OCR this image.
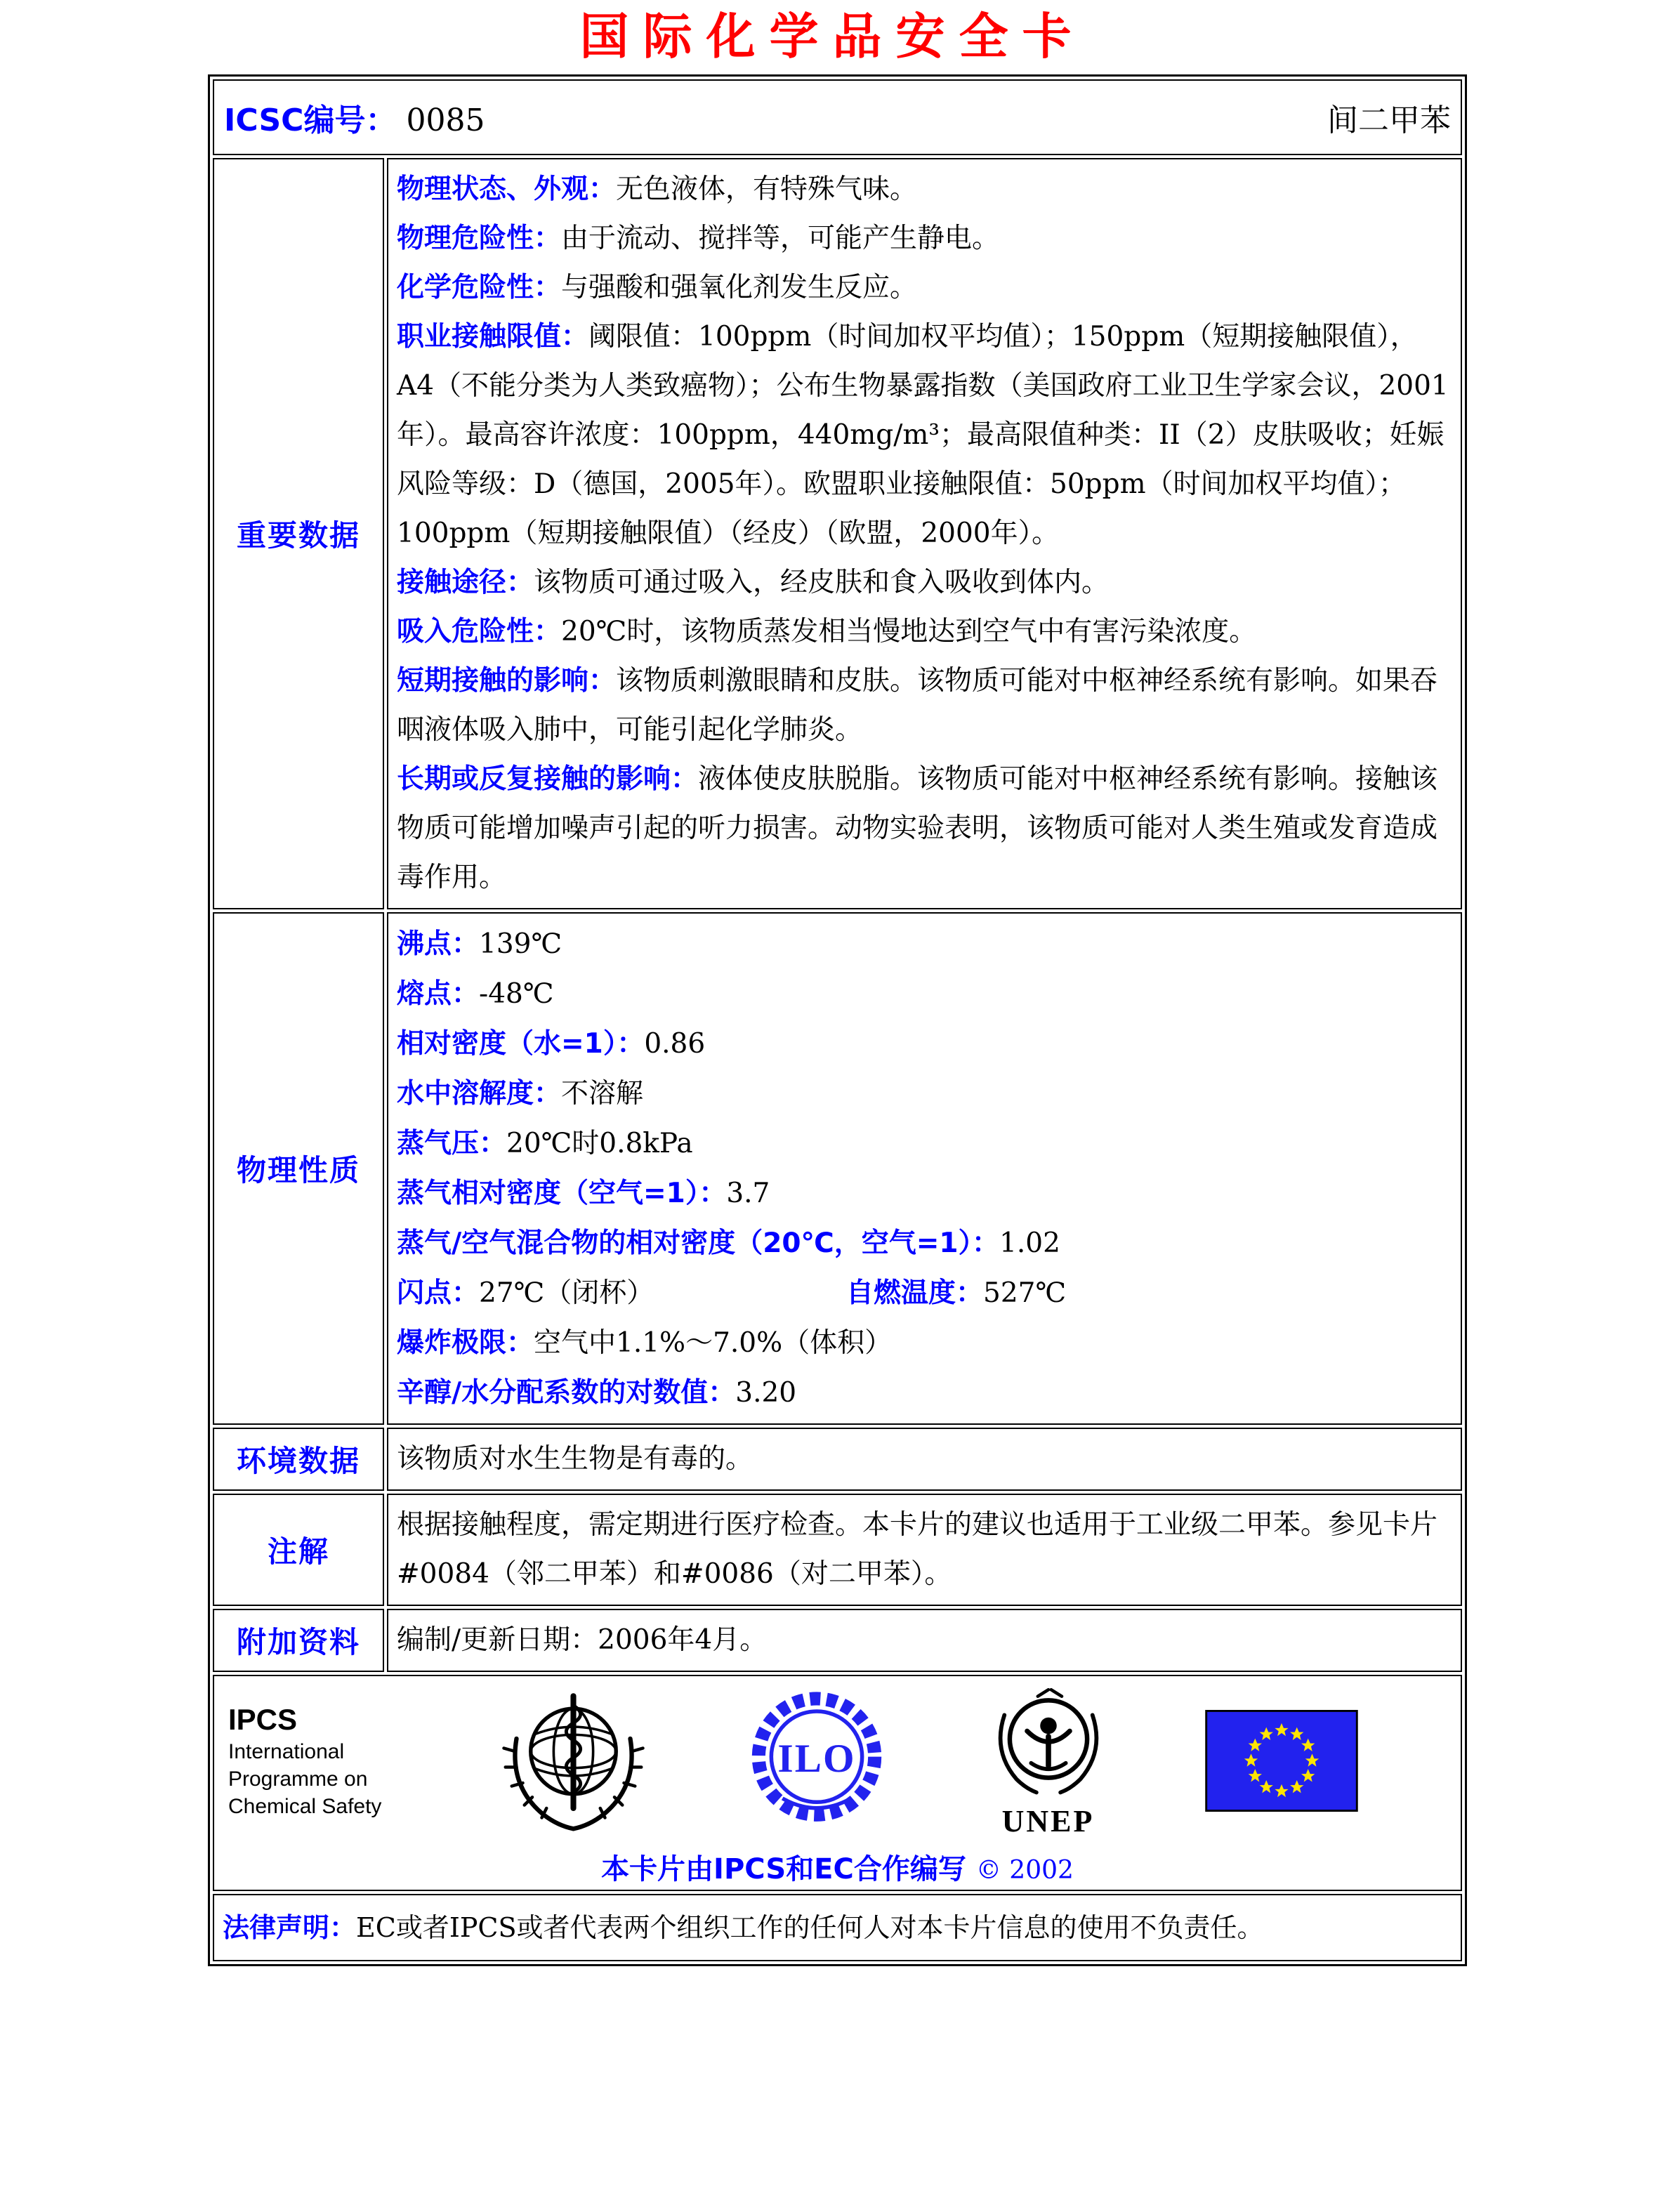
国际化学品安全卡
ICSC编号： 0085 间二甲苯	

重要数据	

物理状态、外观：无色液体，有特殊气味。

物理危险性：由于流动、搅拌等，可能产生静电。

化学危险性：与强酸和强氧化剂发生反应。

职业接触限值：阈限值：100ppm（时间加权平均值）；150ppm（短期接触限值），A4（不能分类为人类致癌物）；公布生物暴露指数（美国政府工业卫生学家会议，2001年）。最高容许浓度：100ppm，440mg/m³；最高限值种类：II（2）皮肤吸收；妊娠风险等级：D（德国，2005年）。欧盟职业接触限值：50ppm（时间加权平均值）；100ppm（短期接触限值）（经皮）（欧盟，2000年）。

接触途径：该物质可通过吸入，经皮肤和食入吸收到体内。

吸入危险性：20℃时，该物质蒸发相当慢地达到空气中有害污染浓度。

短期接触的影响：该物质刺激眼睛和皮肤。该物质可能对中枢神经系统有影响。如果吞咽液体吸入肺中，可能引起化学肺炎。

长期或反复接触的影响：液体使皮肤脱脂。该物质可能对中枢神经系统有影响。接触该物质可能增加噪声引起的听力损害。动物实验表明，该物质可能对人类生殖或发育造成毒作用。

物理性质	

沸点：139℃

熔点：-48℃

相对密度（水=1）：0.86

水中溶解度：不溶解

蒸气压：20℃时0.8kPa

蒸气相对密度（空气=1）：3.7

蒸气/空气混合物的相对密度（20℃，空气=1）：1.02

闪点：27℃（闭杯）	自燃温度：527℃

爆炸极限：空气中1.1%～7.0%（体积）

辛醇/水分配系数的对数值：3.20

环境数据	该物质对水生生物是有毒的。

注解	根据接触程度，需定期进行医疗检查。本卡片的建议也适用于工业级二甲苯。参见卡片#0084（邻二甲苯）和#0086（对二甲苯）。

附加资料	编制/更新日期：2006年4月。

IPCS
International
Programme on
Chemical Safety
ILO
UNEP
本卡片由IPCS和EC合作编写 © 2002

法律声明：EC或者IPCS或者代表两个组织工作的任何人对本卡片信息的使用不负责任。	
